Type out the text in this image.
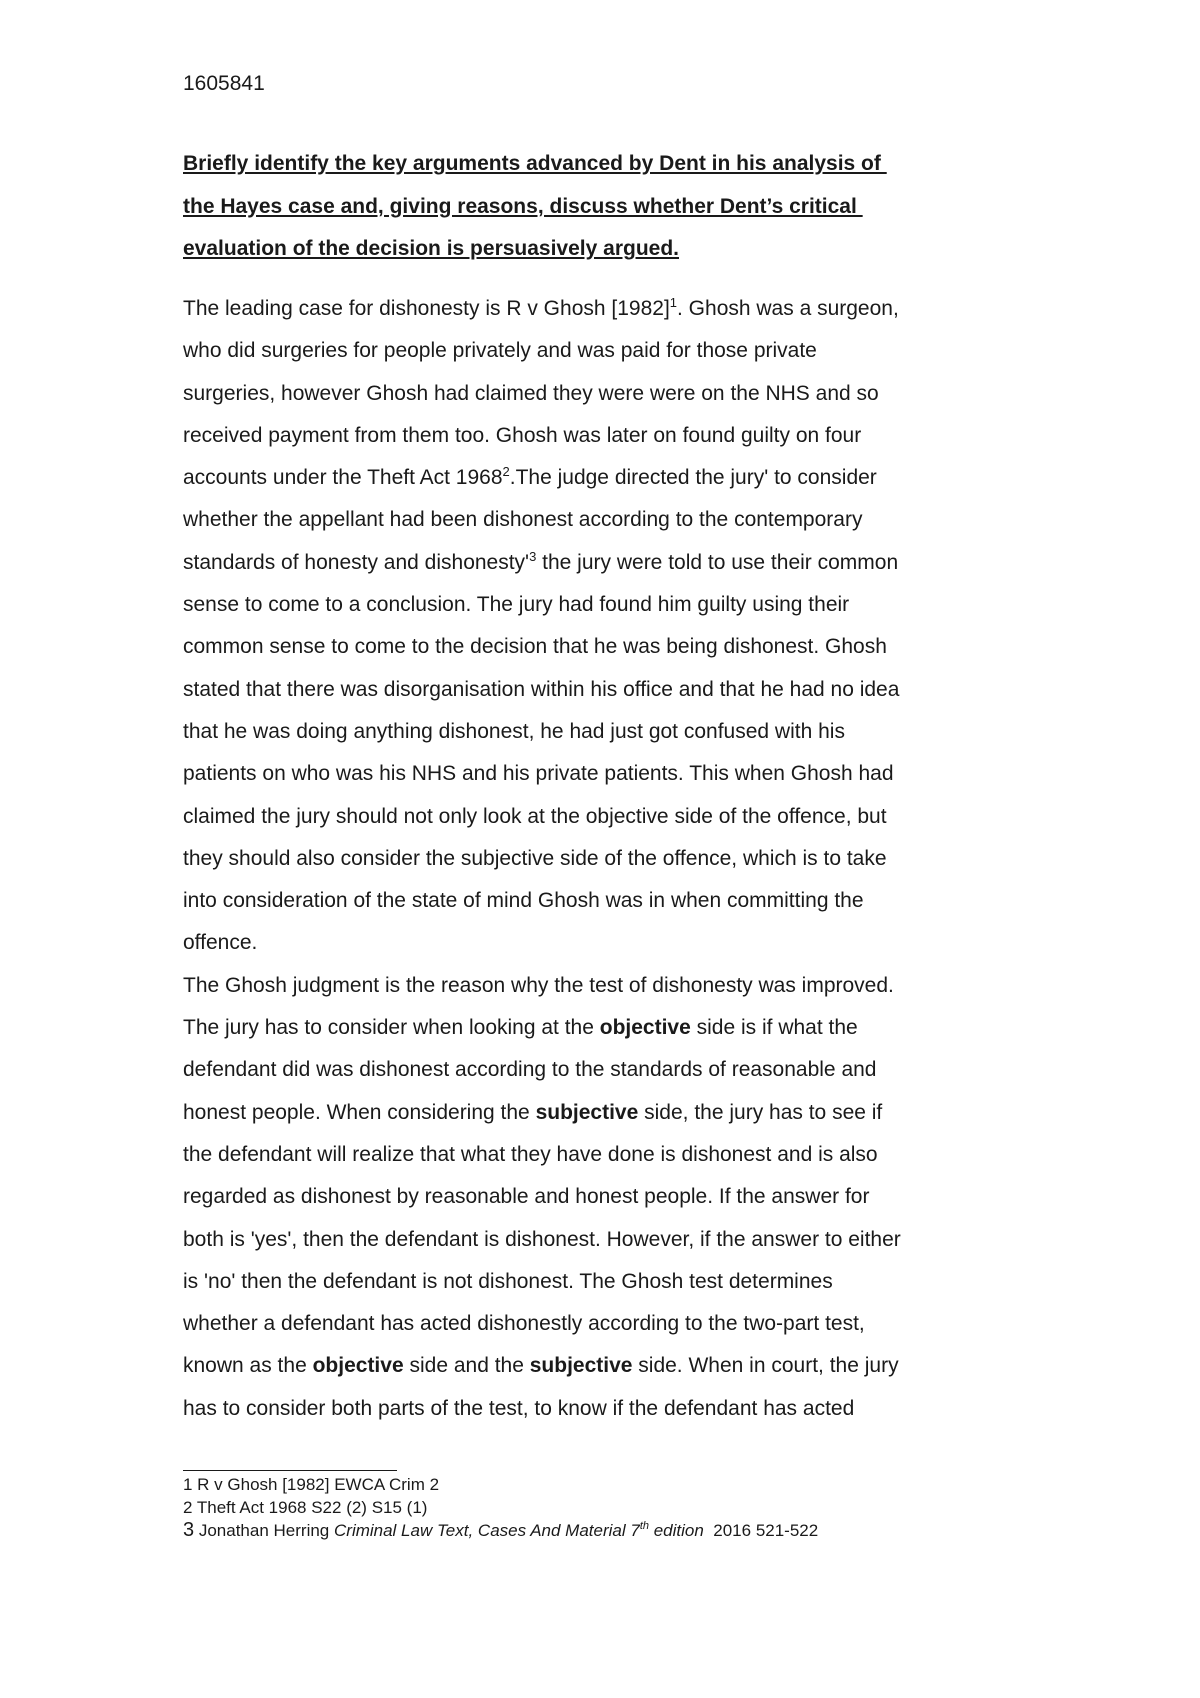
1605841
Briefly identify the key arguments advanced by Dent in his analysis of
the Hayes case and, giving reasons, discuss whether Dent’s critical
evaluation of the decision is persuasively argued.
The leading case for dishonesty is R v Ghosh $[1982]^1$. Ghosh was a surgeon,
who did surgeries for people privately and was paid for those private
surgeries, however Ghosh had claimed they were were on the NHS and so
received payment from them too. Ghosh was later on found guilty on four
accounts under the Theft Act 1968$^2$.The judge directed the jury' to consider
whether the appellant had been dishonest according to the contemporary
standards of honesty and $dishonesty'^3$ the jury were told to use their common
sense to come to a conclusion. The jury had found him guilty using their
common sense to come to the decision that he was being dishonest. Ghosh
stated that there was disorganisation within his office and that he had no idea
that he was doing anything dishonest, he had just got confused with his
patients on who was his NHS and his private patients. This when Ghosh had
claimed the jury should not only look at the objective side of the offence, but
they should also consider the subjective side of the offence, which is to take
into consideration of the state of mind Ghosh was in when committing the
offence.
The Ghosh judgment is the reason why the test of dishonesty was improved.
The jury has to consider when looking at the objective side is if what the
defendant did was dishonest according to the standards of reasonable and
honest people. When considering the subjective side, the jury has to see if
the defendant will realize that what they have done is dishonest and is also
regarded as dishonest by reasonable and honest people. If the answer for
both is 'yes', then the defendant is dishonest. However, if the answer to either
is 'no' then the defendant is not dishonest. The Ghosh test determines
whether a defendant has acted dishonestly according to the two-part test,
known as the objective side and the subjective side. When in court, the jury
has to consider both parts of the test, to know if the defendant has acted
1 R v Ghosh [1982] EWCA Crim 2
2 Theft Act 1968 S22 (2) S15 (1)
3 Jonathan Herring Criminal Law Text, Cases And Material 7th edition  2016 521-522
